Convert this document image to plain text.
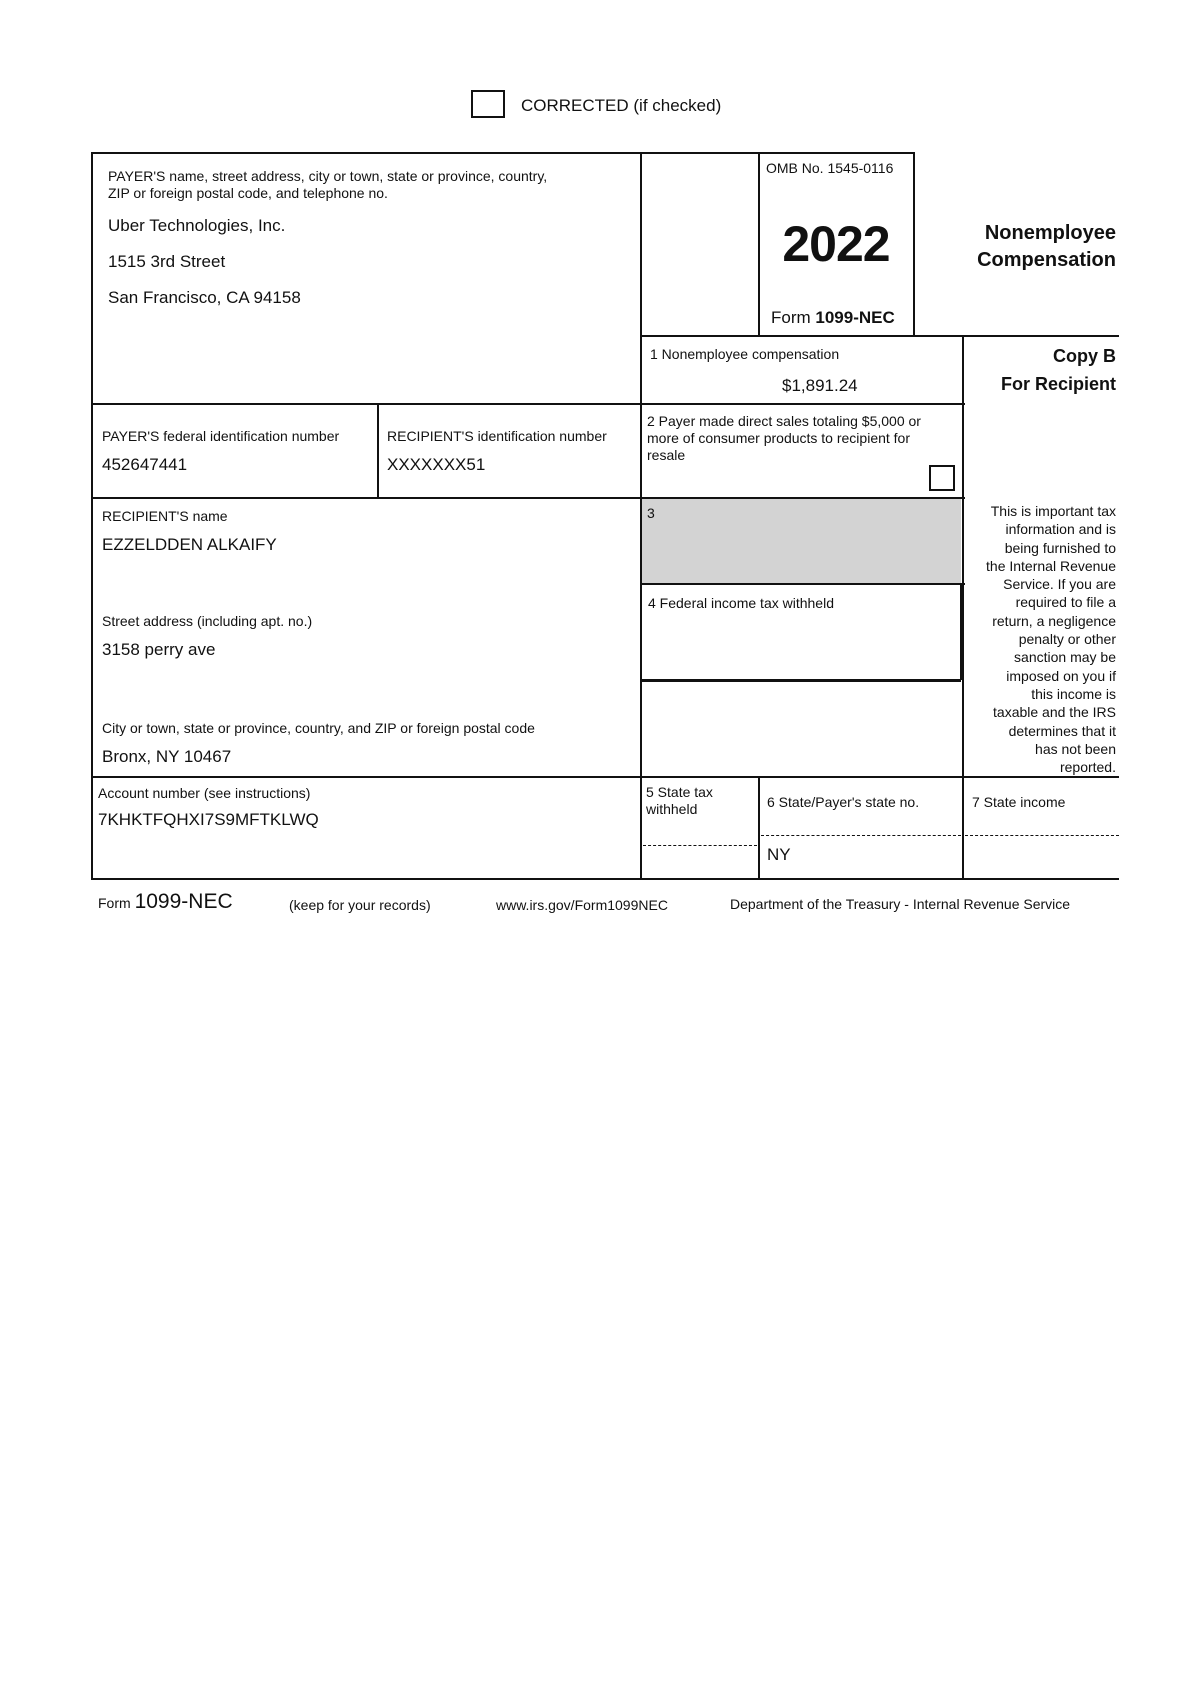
CORRECTED (if checked)
PAYER'S name, street address, city or town, state or province, country,
ZIP or foreign postal code, and telephone no.
Uber Technologies, Inc.
1515 3rd Street
San Francisco, CA 94158
OMB No. 1545-0116
2022
Form 1099-NEC
Nonemployee
Compensation
Copy B
For Recipient
1 Nonemployee compensation
$1,891.24
PAYER'S federal identification number
452647441
RECIPIENT'S identification number
XXXXXXX51
2 Payer made direct sales totaling $5,000 or
more of consumer products to recipient for
resale
RECIPIENT'S name
EZZELDDEN ALKAIFY
Street address (including apt. no.)
3158 perry ave
City or town, state or province, country, and ZIP or foreign postal code
Bronx, NY 10467
3
4 Federal income tax withheld
This is important tax
information and is
being furnished to
the Internal Revenue
Service. If you are
required to file a
return, a negligence
penalty or other
sanction may be
imposed on you if
this income is
taxable and the IRS
determines that it
has not been
reported.
Account number (see instructions)
7KHKTFQHXI7S9MFTKLWQ
5 State tax
withheld	6 State/Payer's state no.
NY
7 State income
Form 1099-NEC	(keep for your records)	www.irs.gov/Form1099NEC	Department of the Treasury - Internal Revenue Service
